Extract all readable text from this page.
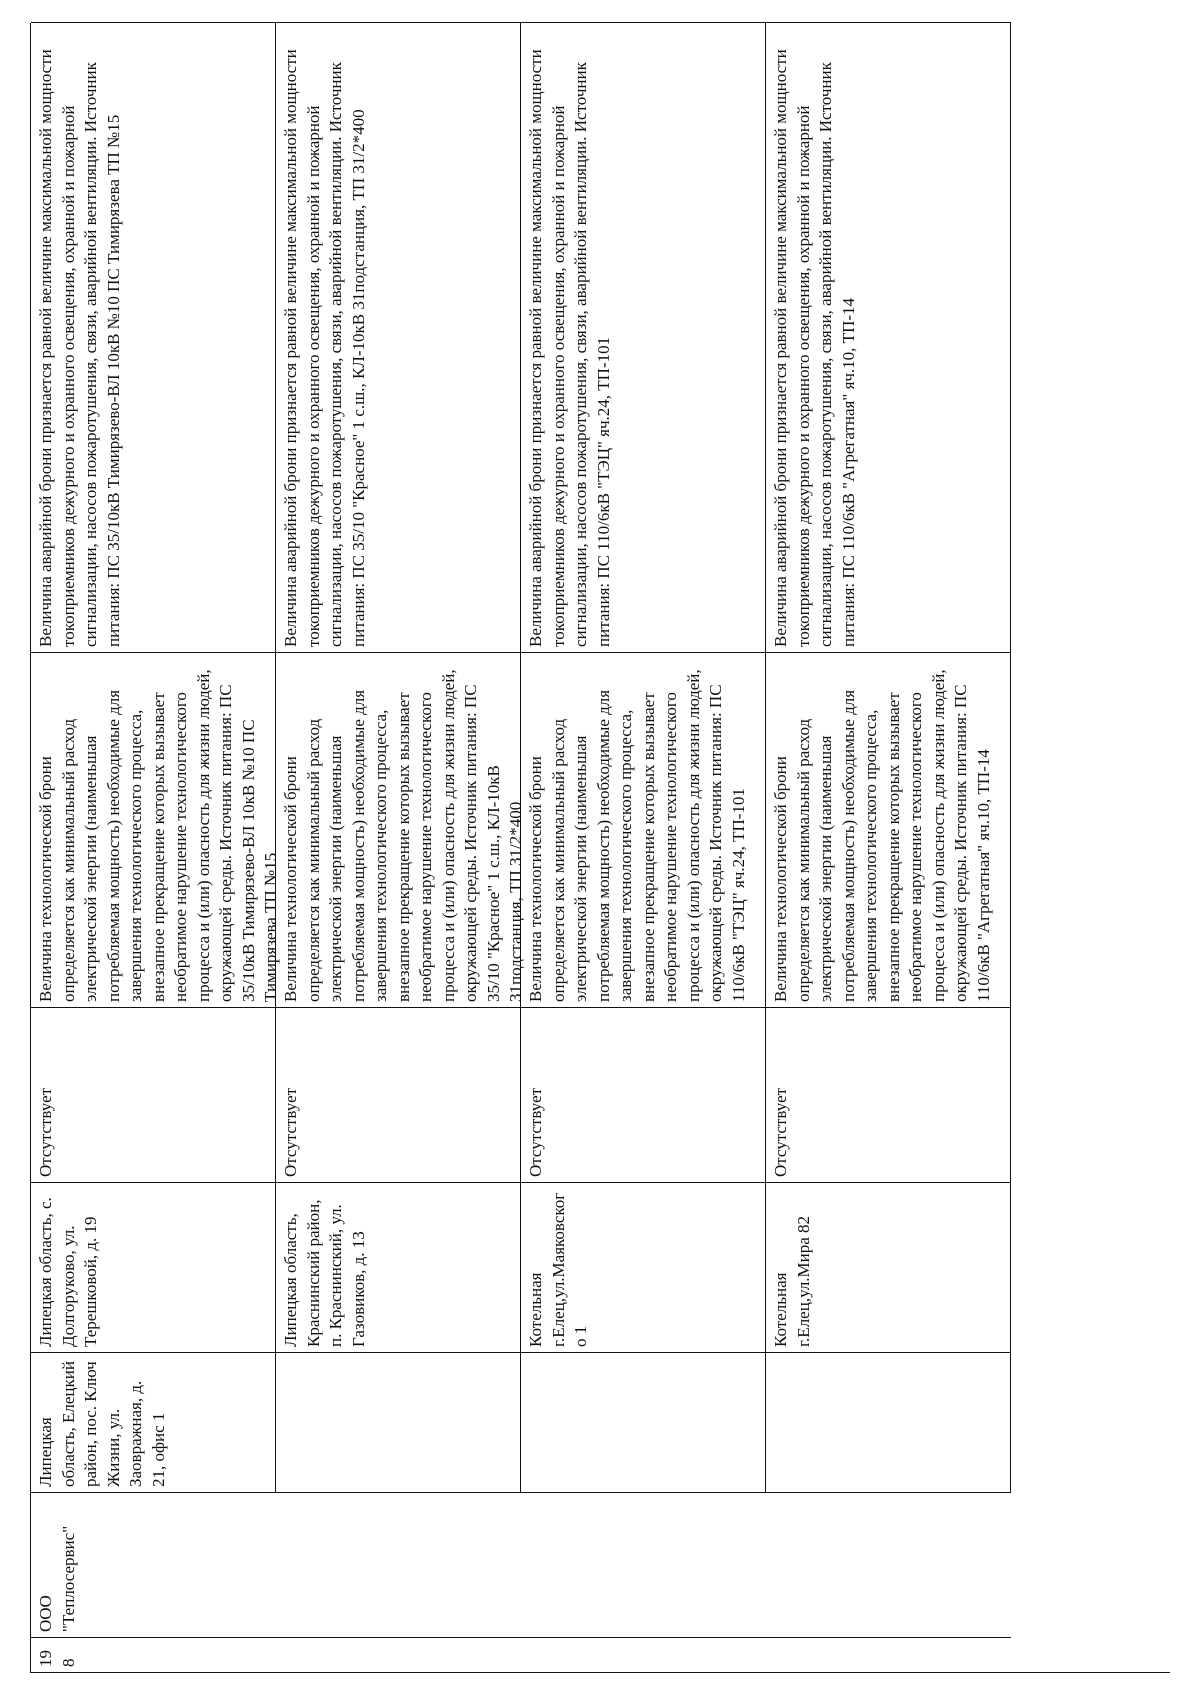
198
ООО "Теплосервис"
Липецкая область, Елецкий район, пос. Ключ Жизни, ул. Заовражная, д. 21, офис 1
Липецкая область, с. Долгоруково, ул. Терешковой, д. 19
Отсутствует
Величина технологической брони определяется как минимальный расход электрической энергии (наименьшая потребляемая мощность) необходимые для завершения технологического процесса, внезапное прекращение которых вызывает необратимое нарушение технологического процесса и (или) опасность для жизни людей, окружающей среды. Источник питания: ПС 35/10кВ Тимирязево-ВЛ 10кВ №10 ПС Тимирязева ТП №15
Величина аварийной брони признается равной величине максимальной мощности токоприемников дежурного и охранного освещения, охранной и пожарной сигнализации, насосов пожаротушения, связи, аварийной вентиляции. Источник питания: ПС 35/10кВ Тимирязево-ВЛ 10кВ №10 ПС Тимирязева ТП №15
Липецкая область, Краснинский район, п. Краснинский, ул. Газовиков, д. 13
Отсутствует
Величина технологической брони определяется как минимальный расход электрической энергии (наименьшая потребляемая мощность) необходимые для завершения технологического процесса, внезапное прекращение которых вызывает необратимое нарушение технологического процесса и (или) опасность для жизни людей, окружающей среды. Источник питания: ПС 35/10 "Красное" 1 с.ш., КЛ-10кВ 31подстанция, ТП 31/2*400
Величина аварийной брони признается равной величине максимальной мощности токоприемников дежурного и охранного освещения, охранной и пожарной сигнализации, насосов пожаротушения, связи, аварийной вентиляции. Источник питания: ПС 35/10 "Красное" 1 с.ш., КЛ-10кВ 31подстанция, ТП 31/2*400
Котельная г.Елец,ул.Маяковского 1
Отсутствует
Величина технологической брони определяется как минимальный расход электрической энергии (наименьшая потребляемая мощность) необходимые для завершения технологического процесса, внезапное прекращение которых вызывает необратимое нарушение технологического процесса и (или) опасность для жизни людей, окружающей среды. Источник питания: ПС 110/6кВ "ТЭЦ" яч.24, ТП-101
Величина аварийной брони признается равной величине максимальной мощности токоприемников дежурного и охранного освещения, охранной и пожарной сигнализации, насосов пожаротушения, связи, аварийной вентиляции. Источник питания: ПС 110/6кВ "ТЭЦ" яч.24, ТП-101
Котельная г.Елец,ул.Мира 82
Отсутствует
Величина технологической брони определяется как минимальный расход электрической энергии (наименьшая потребляемая мощность) необходимые для завершения технологического процесса, внезапное прекращение которых вызывает необратимое нарушение технологического процесса и (или) опасность для жизни людей, окружающей среды. Источник питания: ПС 110/6кВ "Агрегатная" яч.10, ТП-14
Величина аварийной брони признается равной величине максимальной мощности токоприемников дежурного и охранного освещения, охранной и пожарной сигнализации, насосов пожаротушения, связи, аварийной вентиляции. Источник питания: ПС 110/6кВ "Агрегатная" яч.10, ТП-14
